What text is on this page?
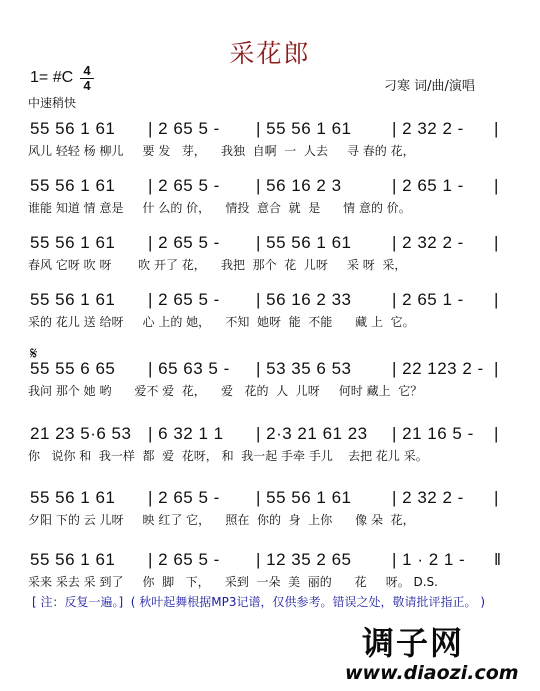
采花郎
1= #C 4
4	刁寒 词/曲/演唱
中速稍快
𝄋
55 56 1 61 | 2 65 5 - | 55 56 1 61 | 2 32 2 - |
风儿 轻轻 杨 柳儿     要 发   芽，    我独  自啊  一  人去     寻 春的 花，
55 56 1 61 | 2 65 5 - | 56 16 2 3	| 2 65 1 - |
谁能 知道 情 意是     什 么的 价，    情投  意合  就  是      情 意的 价。
55 56 1 61 | 2 65 5 - | 55 56 1 61 | 2 32 2 - |
春风 它呀 吹 呀       吹 开了 花，    我把  那个  花  儿呀     采 呀  采，
55 56 1 61 | 2 65 5 - | 56 16 2 33 | 2 65 1 - |
采的 花儿 送 给呀     心 上的 她，    不知  她呀  能  不能      藏 上  它。
55 55 6 65 | 65 63 5 - | 53 35 6 53 | 22 123 2 - |
我问 那个 她 哟      爱不 爱  花，    爱   花的  人  儿呀     何时 藏上  它？
21 23 5·6 53 | 6 32 1 1 | 2·3 21 61 23 | 21 16 5 - |
你   说你 和  我一样  都  爱  花呀， 和  我一起 手牵 手儿    去把 花儿 采。
55 56 1 61 | 2 65 5 - | 55 56 1 61 | 2 32 2 - |
夕阳 下的 云 儿呀     映 红了 它，    照在  你的  身  上你      像 朵  花，
55 56 1 61 | 2 65 5 - | 12 35 2 65 | 1 · 2 1 - ‖
采来 采去 采 到了     你  脚   下，    采到  一朵  美  丽的      花     呀。 D.S.
[ 注：反复一遍。]  ( 秋叶起舞根据MP3记谱，仅供参考。错误之处，敬请批评指正。 )
调子网
www.diaozi.com
